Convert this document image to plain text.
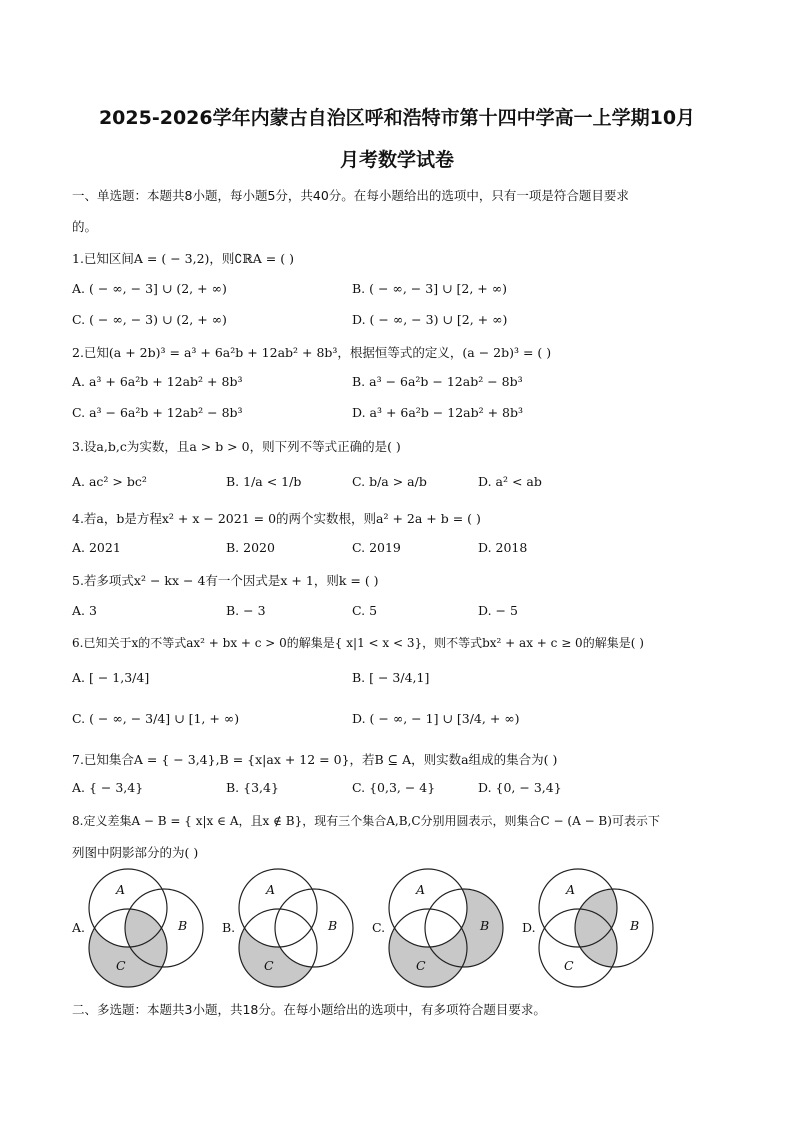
2025-2026学年内蒙古自治区呼和浩特市第十四中学高一上学期10月
月考数学试卷
一、单选题：本题共8小题，每小题5分，共40分。在每小题给出的选项中，只有一项是符合题目要求
的。
1.已知区间A = ( − 3,2)，则∁ℝA = ( )
A. ( − ∞, − 3] ∪ (2, + ∞)	B. ( − ∞, − 3] ∪ [2, + ∞)
C. ( − ∞, − 3) ∪ (2, + ∞)	D. ( − ∞, − 3) ∪ [2, + ∞)
2.已知(a + 2b)³ = a³ + 6a²b + 12ab² + 8b³，根据恒等式的定义，(a − 2b)³ = ( )
A. a³ + 6a²b + 12ab² + 8b³	B. a³ − 6a²b − 12ab² − 8b³
C. a³ − 6a²b + 12ab² − 8b³	D. a³ + 6a²b − 12ab² + 8b³
3.设a,b,c为实数，且a > b > 0，则下列不等式正确的是( )
A. ac² > bc²	B. 1/a < 1/b	C. b/a > a/b	D. a² < ab
4.若a，b是方程x² + x − 2021 = 0的两个实数根，则a² + 2a + b = ( )
A. 2021	B. 2020	C. 2019	D. 2018
5.若多项式x² − kx − 4有一个因式是x + 1，则k = ( )
A. 3	B. − 3	C. 5	D. − 5
6.已知关于x的不等式ax² + bx + c > 0的解集是{ x|1 < x < 3}，则不等式bx² + ax + c ≥ 0的解集是( )
A. [ − 1,3/4]	B. [ − 3/4,1]
C. ( − ∞, − 3/4] ∪ [1, + ∞)	D. ( − ∞, − 1] ∪ [3/4, + ∞)
7.已知集合A = { − 3,4},B = {x|ax + 12 = 0}，若B ⊆ A，则实数a组成的集合为( )
A. { − 3,4}	B. {3,4}	C. {0,3, − 4}	D. {0, − 3,4}
8.定义差集A − B = { x|x ∈ A，且x ∉ B}，现有三个集合A,B,C分别用圆表示，则集合C − (A − B)可表示下
列图中阴影部分的为( )
A.	B.	C.	D.
A
B
C
A
B
C
A
B
C
A
B
C
二、多选题：本题共3小题，共18分。在每小题给出的选项中，有多项符合题目要求。
